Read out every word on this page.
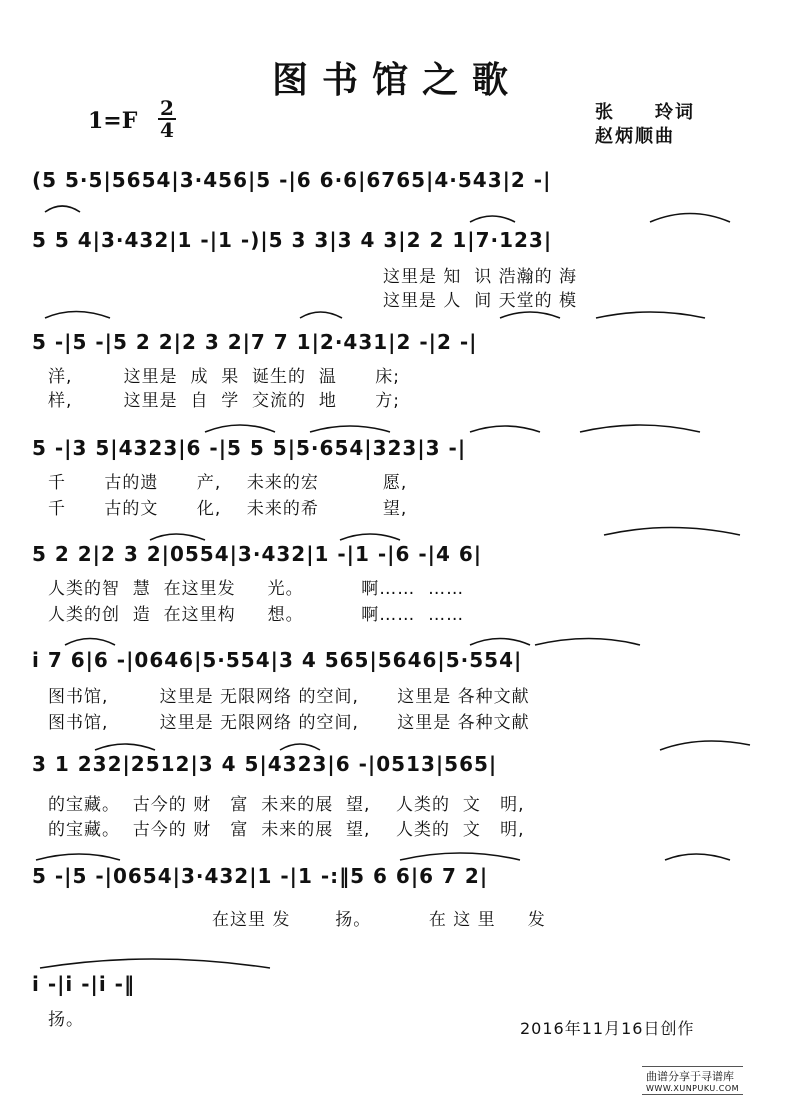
图书馆之歌
1=F 2
4
张　　玲词
赵炳顺曲
(5 5·5|5654|3·456|5 -|6 6·6|6765|4·543|2 -|
5 5 4|3·432|1 -|1 -)|5 3 3|3 4 3|2 2 1|7·123|
这里是 知  识 浩瀚的 海
这里是 人  间 天堂的 模
5 -|5 -|5 2 2|2 3 2|7 7 1|2·431|2 -|2 -|
洋,        这里是  成  果  诞生的  温      床;
样,        这里是  自  学  交流的  地      方;
5 -|3 5|4323|6 -|5 5 5|5·654|323|3 -|
千      古的遗      产,    未来的宏          愿,
千      古的文      化,    未来的希          望,
5 2 2|2 3 2|0554|3·432|1 -|1 -|6 -|4 6|
人类的智  慧  在这里发     光。         啊……  ……
人类的创  造  在这里构     想。         啊……  ……
i 7 6|6 -|0646|5·554|3 4 565|5646|5·554|
图书馆,        这里是 无限网络 的空间,      这里是 各种文献
图书馆,        这里是 无限网络 的空间,      这里是 各种文献
3 1 232|2512|3 4 5|4323|6 -|0513|565|
的宝藏。  古今的 财   富  未来的展  望,    人类的  文   明,
的宝藏。  古今的 财   富  未来的展  望,    人类的  文   明,
5 -|5 -|0654|3·432|1 -|1 -:‖5 6 6|6 7 2|
在这里 发       扬。         在 这 里     发
i -|i -|i -‖
扬。	2016年11月16日创作
曲谱分享于寻谱库
WWW.XUNPUKU.COM
